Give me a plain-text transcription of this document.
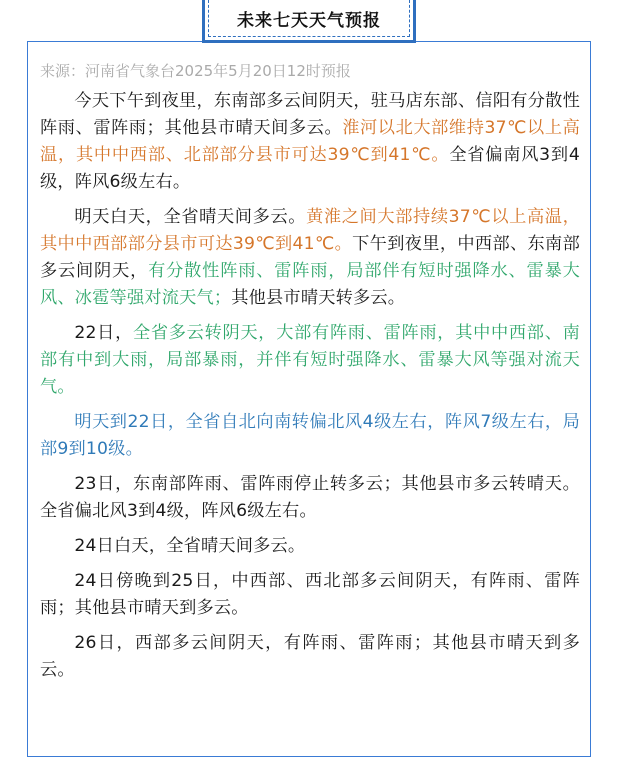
未来七天天气预报

来源：河南省气象台2025年5月20日12时预报

今天下午到夜里，东南部多云间阴天，驻马店东部、信阳有分散性阵雨、雷阵雨；其他县市晴天间多云。淮河以北大部维持37℃以上高温，其中中西部、北部部分县市可达39℃到41℃。全省偏南风3到4级，阵风6级左右。

明天白天，全省晴天间多云。黄淮之间大部持续37℃以上高温，其中中西部部分县市可达39℃到41℃。下午到夜里，中西部、东南部多云间阴天，有分散性阵雨、雷阵雨，局部伴有短时强降水、雷暴大风、冰雹等强对流天气；其他县市晴天转多云。

22日，全省多云转阴天，大部有阵雨、雷阵雨，其中中西部、南部有中到大雨，局部暴雨，并伴有短时强降水、雷暴大风等强对流天气。

明天到22日，全省自北向南转偏北风4级左右，阵风7级左右，局部9到10级。

23日，东南部阵雨、雷阵雨停止转多云；其他县市多云转晴天。全省偏北风3到4级，阵风6级左右。

24日白天，全省晴天间多云。

24日傍晚到25日，中西部、西北部多云间阴天，有阵雨、雷阵雨；其他县市晴天到多云。

26日，西部多云间阴天，有阵雨、雷阵雨；其他县市晴天到多云。
